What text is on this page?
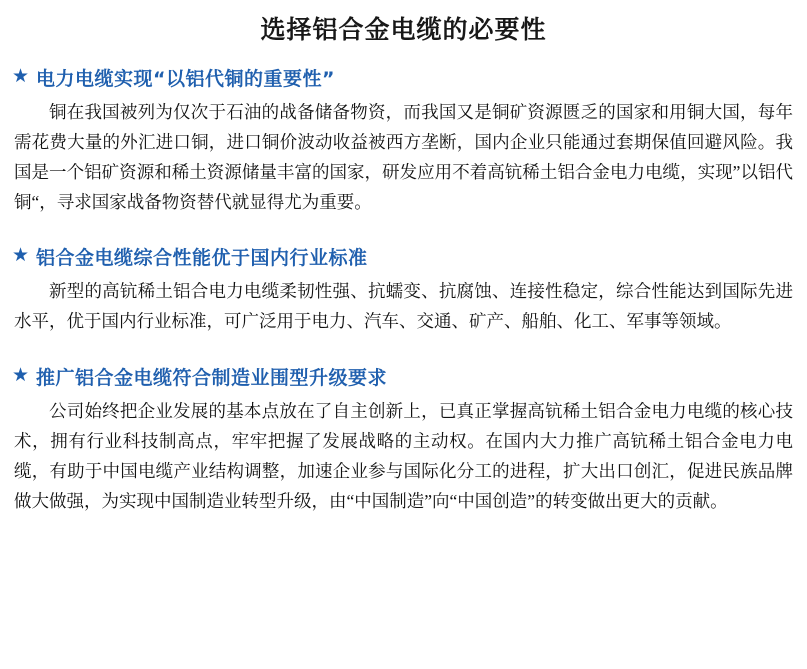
选择铝合金电缆的必要性
★ 电力电缆实现“以铝代铜的重要性”

铜在我国被列为仅次于石油的战备储备物资，而我国又是铜矿资源匮乏的国家和用铜大国，每年需花费大量的外汇进口铜，进口铜价波动收益被西方垄断，国内企业只能通过套期保值回避风险。我国是一个铝矿资源和稀土资源储量丰富的国家，研发应用不着高钪稀土铝合金电力电缆，实现”以铝代铜“，寻求国家战备物资替代就显得尤为重要。

★ 铝合金电缆综合性能优于国内行业标准

新型的高钪稀土铝合电力电缆柔韧性强、抗蠕变、抗腐蚀、连接性稳定，综合性能达到国际先进水平，优于国内行业标准，可广泛用于电力、汽车、交通、矿产、船舶、化工、军事等领域。

★ 推广铝合金电缆符合制造业围型升级要求

公司始终把企业发展的基本点放在了自主创新上，已真正掌握高钪稀土铝合金电力电缆的核心技术，拥有行业科技制高点，牢牢把握了发展战略的主动权。在国内大力推广高钪稀土铝合金电力电缆，有助于中国电缆产业结构调整，加速企业参与国际化分工的进程，扩大出口创汇，促进民族品牌做大做强，为实现中国制造业转型升级，由“中国制造”向“中国创造”的转变做出更大的贡献。
